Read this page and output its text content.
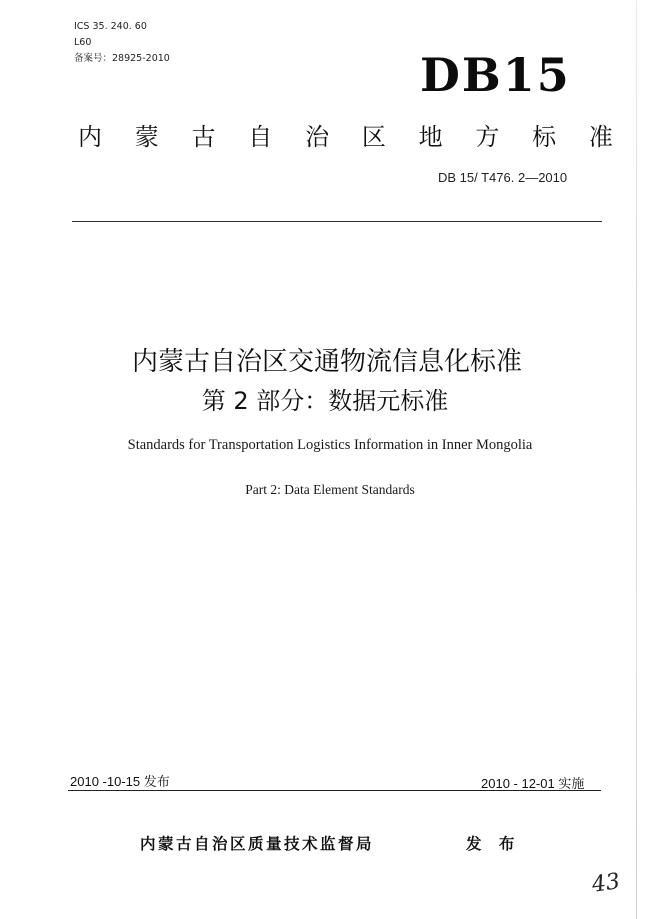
ICS 35. 240. 60
L60
备案号：28925-2010	DB15
内 蒙 古 自 治 区 地 方 标 准
DB 15/ T476. 2—2010
内蒙古自治区交通物流信息化标准
第 2 部分：数据元标准
Standards for Transportation Logistics Information in Inner Mongolia
Part 2: Data Element Standards
2010 -10-15 发布	2010 - 12-01 实施
内蒙古自治区质量技术监督局	发 布
43
